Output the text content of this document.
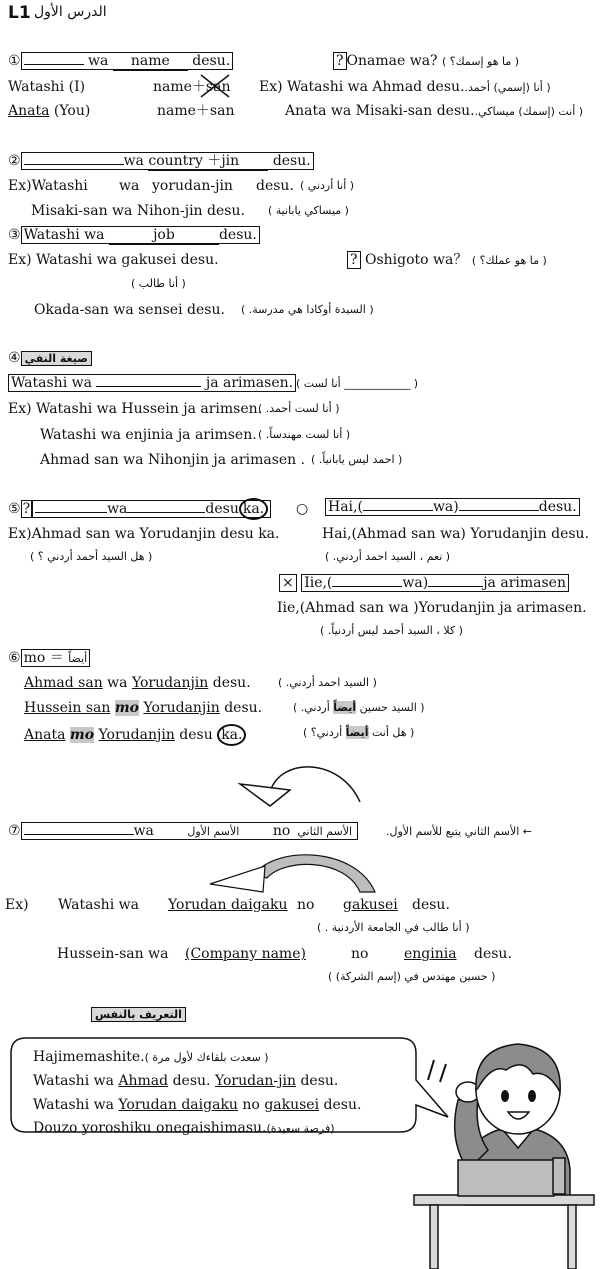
L1 الدرس الأول
①	wa name desu.	? Onamae wa? ( ما هو إسمك؟ )
Watashi (I)	name＋san Ex) Watashi wa Ahmad desu.( أنا (إسمي) أحمد.
Anata (You)	name＋san	Anata wa Misaki-san desu.( أنت (إسمك) ميساكي.
②	wa country ＋jin desu.
Ex)Watashi wa yorudan-jin desu. ( أنا أردني )
Misaki-san wa Nihon-jin desu. ( ميساكي يابانية )
③ Watashi wa	job	desu.
Ex) Watashi wa gakusei desu.
( أنا طالب )
? Oshigoto wa？ ( ما هو عملك؟ )
Okada-san wa sensei desu. ( السيدة أوكادا هي مدرسة. )
④ صيغة النفي
Watashi wa	ja arimasen. ( ____________ أنا لست )
Ex) Watashi wa Hussein ja arimsen.
( أنا لست أحمد. )
Watashi wa enjinia ja arimsen. ( أنا لست مهندساً. )
Ahmad san wa Nihonjin ja arimasen . ( احمد ليس يابانياً. )
⑤ ?	wa	desu ka.	○ Hai,(	wa)	desu.
Ex)Ahmad san wa Yorudanjin desu ka.
( هل السيد أحمد أردني ؟ )
Hai,(Ahmad san wa) Yorudanjin desu.
( نعم ، السيد احمد أردني. )
× Iie,(	wa)	ja arimasen
Iie,(Ahmad san wa )Yorudanjin ja arimasen.
( كلا ، السيد أحمد ليس أردنياً. )
⑥ mo ＝ أيضاً
Ahmad san wa Yorudanjin desu. ( السيد احمد أردني. )
Hussein san mo Yorudanjin desu.	( السيد حسين أيضاً أردني. )
Anata mo Yorudanjin desu ka.	( هل أنت أيضاً أردني؟ )
⑦	wa	الأسم الأول no الأسم الثاني	← الأسم الثاني يتبع للأسم الأول.
Ex) Watashi wa Yorudan daigaku no gakusei desu.
( أنا طالب في الجامعة الأردنية . )
Hussein-san wa (Company name)	no	enginia desu.
( حسين مهندس في (إسم الشركة) )
التعريف بالنفس
Hajimemashite.( سعدت بلقاءك لأول مرة )
Watashi wa Ahmad desu. Yorudan-jin desu.
Watashi wa Yorudan daigaku no gakusei desu.
Douzo yoroshiku onegaishimasu.(فرصة سعيدة)
